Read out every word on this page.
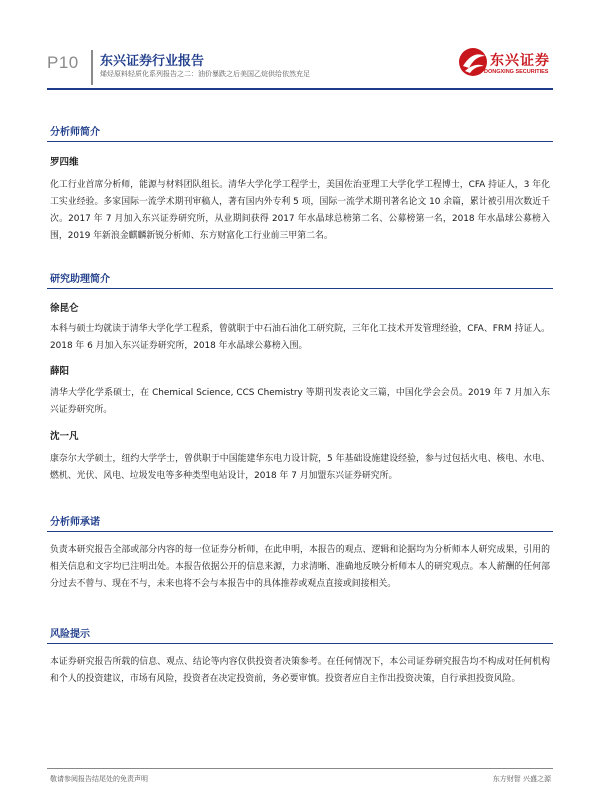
P10 东兴证券行业报告
烯烃原料轻质化系列报告之二：油价暴跌之后美国乙烷供给依然充足
东兴证券
DONGXING SECURITIES
分析师简介
罗四维
化工行业首席分析师，能源与材料团队组长。清华大学化学工程学士，美国佐治亚理工大学化学工程博士，CFA 持证人，3 年化工实业经验。多家国际一流学术期刊审稿人，著有国内外专利 5 项，国际一流学术期刊著名论文 10 余篇，累计被引用次数近千次。2017 年 7 月加入东兴证券研究所，从业期间获得 2017 年水晶球总榜第二名、公募榜第一名，2018 年水晶球公募榜入围，2019 年新浪金麒麟新锐分析师、东方财富化工行业前三甲第二名。
研究助理简介
徐昆仑
本科与硕士均就读于清华大学化学工程系，曾就职于中石油石油化工研究院，三年化工技术开发管理经验，CFA、FRM 持证人。2018 年 6 月加入东兴证券研究所，2018 年水晶球公募榜入围。
薛阳
清华大学化学系硕士，在 Chemical Science, CCS Chemistry 等期刊发表论文三篇，中国化学会会员。2019 年 7 月加入东兴证券研究所。
沈一凡
康奈尔大学硕士，纽约大学学士，曾供职于中国能建华东电力设计院，5 年基础设施建设经验，参与过包括火电、核电、水电、燃机、光伏、风电、垃圾发电等多种类型电站设计，2018 年 7 月加盟东兴证券研究所。
分析师承诺
负责本研究报告全部或部分内容的每一位证券分析师，在此申明，本报告的观点、逻辑和论据均为分析师本人研究成果，引用的相关信息和文字均已注明出处。本报告依据公开的信息来源，力求清晰、准确地反映分析师本人的研究观点。本人薪酬的任何部分过去不曾与、现在不与，未来也将不会与本报告中的具体推荐或观点直接或间接相关。
风险提示
本证券研究报告所载的信息、观点、结论等内容仅供投资者决策参考。在任何情况下，本公司证券研究报告均不构成对任何机构和个人的投资建议，市场有风险，投资者在决定投资前，务必要审慎。投资者应自主作出投资决策，自行承担投资风险。
敬请参阅报告结尾处的免责声明	东方财智 兴盛之源
